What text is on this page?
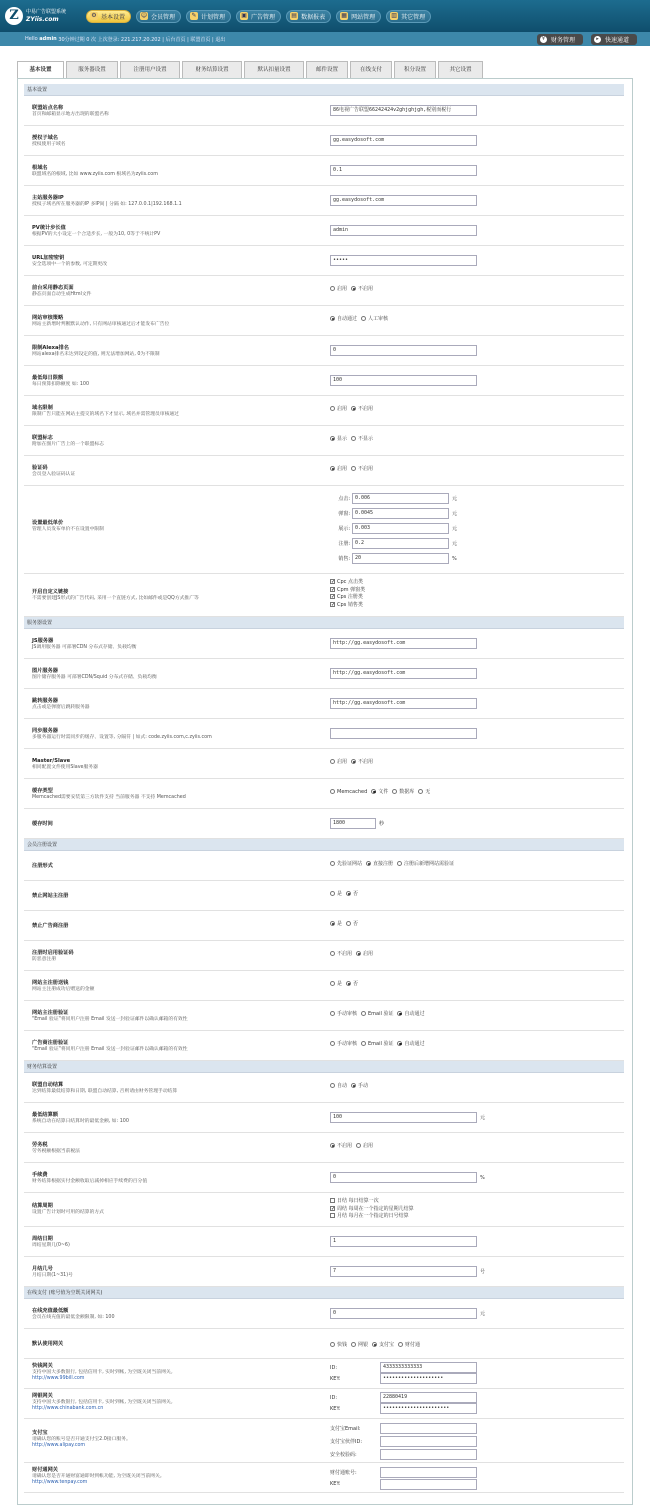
Z	中易广告联盟系统
ZYiis.com
⚙ 基本设置	☺ 会员管理	✎ 计划管理	▣ 广告管理	▤ 数据报表	▦ 网站管理	▥ 其它管理
Hello
admin
30分钟过期 0 次 上次登录: 221.217.20.202 | 后台首页 | 联盟首页 | 退出	¥ 财务管理	▸	快速通道
基本设置	服务器设置	注册用户设置	财务结算设置	默认扣量设置	邮件设置	在线支付	积分设置	其它设置
基本设置
联盟站点名称
首页和邮箱显示地方出现的联盟名称
86电视广告联盟66242424v2ghjghjgh,税别而税行
授权子域名
授权使用子域名
gg.easydosoft.com
根域名
联盟域名的根域, 比如 www.zyiis.com 根域名为zyiis.com
0.1
主站服务器IP
授权子域名所在服务器的IP 多IP间 | 分隔 如: 127.0.0.1|192.168.1.1
gg.easydosoft.com
PV统计步长值
根据PV的大小设定一个合适步长, 一般为10, 0等于不统计PV
admin
URL加密密钥
安全选项中一个的参数, 可定期更改
•••••
前台采用静态页面
静态页面自动生成Html文件
启用 不启用
网站审核策略
网站主新增时判断默认动作, 只有网站审核通过后才能发布广告位
自动通过 人工审核
限制Alexa排名
网站alexa排名未达到设定的值, 则无法增加网站, 0为不限制
0
最低每日限额
每日预算扣除额度 如: 100
100
域名限制
限制广告只能在网站主提交的域名下才显示, 域名并需管理员审核通过
启用 不启用
联盟标志
附加在图片广告上的一个联盟标志
显示 不显示
验证码
会员登入验证码认证
启用 不启用
设置最低单价
管理人员发布单价不在设置中限制
点击:	0.006	元
弹窗:	0.0045	元
展示:	0.003	元
注册:	0.2	元
销售:	20	%
开启自定义链接
不需要创建JS形式的广告代码, 采用一个直链方式, 比如邮件或是QQ方式推广等
✓ Cpc 点击类
✓ Cpm 弹窗类
✓ Cps 注册类
✓ Cps 销售类
服务器设置
JS服务器
JS调用服务器 可部署CDN 分布式存储、负载均衡
http://gg.easydosoft.com
图片服务器
图片储存服务器 可部署CDN/Squid 分布式存储、负载均衡
http://gg.easydosoft.com
跳转服务器
点击或是弹窗后跳转服务器
http://gg.easydosoft.com
同步服务器
多服务器运行时需同步的缓存、设置等, 分隔符 | 如式: code.zyiis.com,c.zyiis.com
Master/Slave
相同配置文件使用Slave服务器
启用 不启用
缓存类型
Memcached需要安装第三方软件支持 当前服务器 不支持 Memcached
Memcached 文件 数据库 无
缓存时间	1800	秒
会员注册设置
注册形式	先验证网站 直接注册 注册后新增网站需验证
禁止网站主注册	是 否
禁止广告商注册	是 否
注册时启用验证码
防恶意注册
不启用 启用
网站主注册送钱
网站主注册成功后赠送的金额
是 否
网站主注册验证
"Email 验证"将同用户注册 Email 发送一封验证邮件以确认邮箱的有效性
手动审核 Email 验证 自动通过
广告商注册验证
"Email 验证"将同用户注册 Email 发送一封验证邮件以确认邮箱的有效性
手动审核 Email 验证 自动通过
财务结算设置
联盟自动结算
达到结算最低结算和日期, 联盟自动结算, 否则请由财务管理手动结算
自动 手动
最低结算额
系统自动在结算日结算时的最低金额, 如: 100
100	元
劳务税
劳务税额根据当前税法
不启用 启用
手续费
财务结算根据实付金额收取后减掉相应手续费的百分值
0	%
结算周期
设置广告计划时可用的结算的方式
日结 每日结算一次
✓ 周结 每周在一个指定的星期几结算
月结 每月在一个指定的日号结算
周结日期
周结星期几(0~6)
1
月结几号
月结日期(1~31)号
7	号
在线支付 (账号值为空既关闭网关)
在线充值最低额
会员在线充值的最低金额限制, 如: 100
0	元
默认使用网关	快钱 网银 支付宝 财付通
快钱网关
支持中国大多数银行, 包括信用卡, 实时到帐, 为空既关闭当前网关。
http://www.99bill.com
ID:	4333333333333
KEY:	••••••••••••••••••••
网银网关
支持中国大多数银行, 包括信用卡, 实时到帐, 为空既关闭当前网关。
http://www.chinabank.com.cn
ID:	22880419
KEY:	••••••••••••••••••••••
支付宝
请确认您的账号是否开通支付宝2.0接口服务。
http://www.alipay.com
支付宝Email:
支付宝伙伴ID:
安全校验码:
财付通网关
请确认您是否开通财富通即时到帐功能, 为空既关闭当前网关。
http://www.tenpay.com
财付通账号:
KEY:
